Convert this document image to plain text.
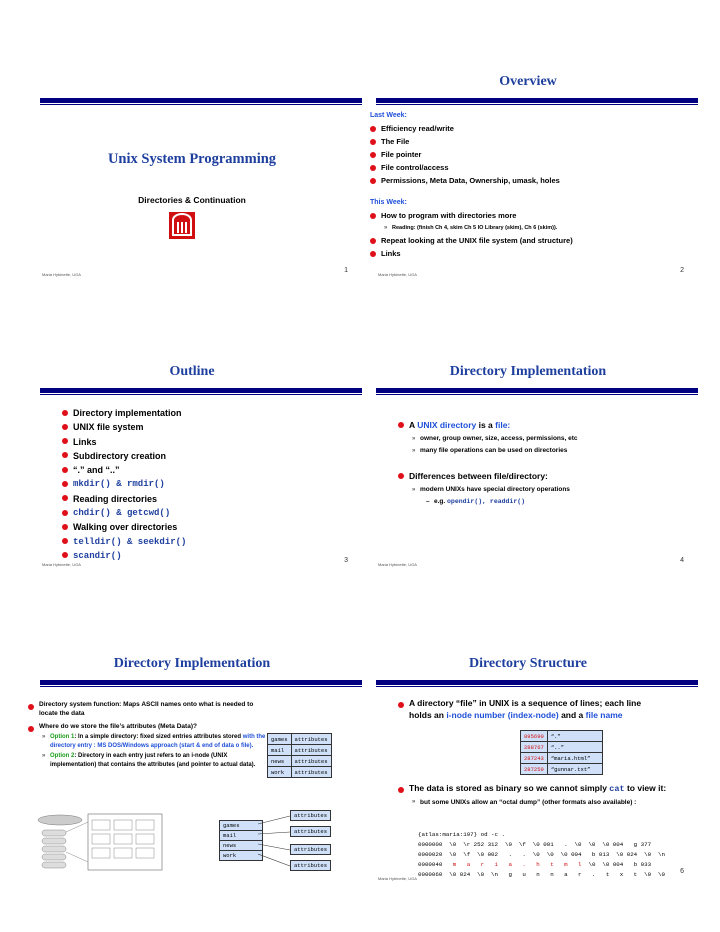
Unix System Programming
Directories & Continuation
Maria Hybinette, UGA
1
Overview
Last Week:
Efficiency read/write
The File
File pointer
File control/access
Permissions, Meta Data, Ownership, umask, holes
This Week:
How to program with directories more
» Reading: (finish Ch 4, skim Ch 5 IO Library (skim), Ch 6 (skim)).
Repeat looking at the UNIX file system (and structure)
Links
Maria Hybinette, UGA
2
Outline
Directory implementation
UNIX file system
Links
Subdirectory creation
“.” and “..”
mkdir() & rmdir()
Reading directories
chdir() & getcwd()
Walking over directories
telldir() & seekdir()
scandir()
Maria Hybinette, UGA
3
Directory Implementation
A UNIX directory is a file:
» owner, group owner, size, access, permissions, etc
» many file operations can be used on directories
Differences between file/directory:
» modern UNIXs have special directory operations
– e.g. opendir(), readdir()
Maria Hybinette, UGA
4
Directory Implementation
Directory system function: Maps ASCII names onto what is needed to locate the data
Where do we store the file’s attributes (Meta Data)?
» Option 1: In a simple directory: fixed sized entries attributes stored with the directory entry : MS DOS/Windows approach (start & end of data o file).
» Option 2: Directory in each entry just refers to an i-node (UNIX implementation) that contains the attributes (and pointer to actual data).
games	attributes
mail	attributes
news	attributes
work	attributes
games
mail
news
work
attributes
attributes
attributes
attributes
Directory Structure
A directory “file” in UNIX is a sequence of lines; each line holds an i-node number (index-node) and a file name
895690	“.”
288767	“..”
287243	“maria.html”
287259	“gunnar.txt”
The data is stored as binary so we cannot simply cat to view it:
» but some UNIXs allow an “octal dump” (other formats also available) :
{atlas:maria:197} od -c .
0000000  \0  \r 252 312  \0  \f  \0 001   .  \0  \0  \0 004   g 377
0000020  \0  \f  \0 002   .   .  \0  \0  \0 004   b 013  \0 024  \0  \n
0000040   m   a   r   i   a   .   h   t   m   l  \0  \0 004   b 033
0000060  \0 024  \0  \n   g   u   n   n   a   r   .   t   x   t  \0  \0
Maria Hybinette, UGA
6
